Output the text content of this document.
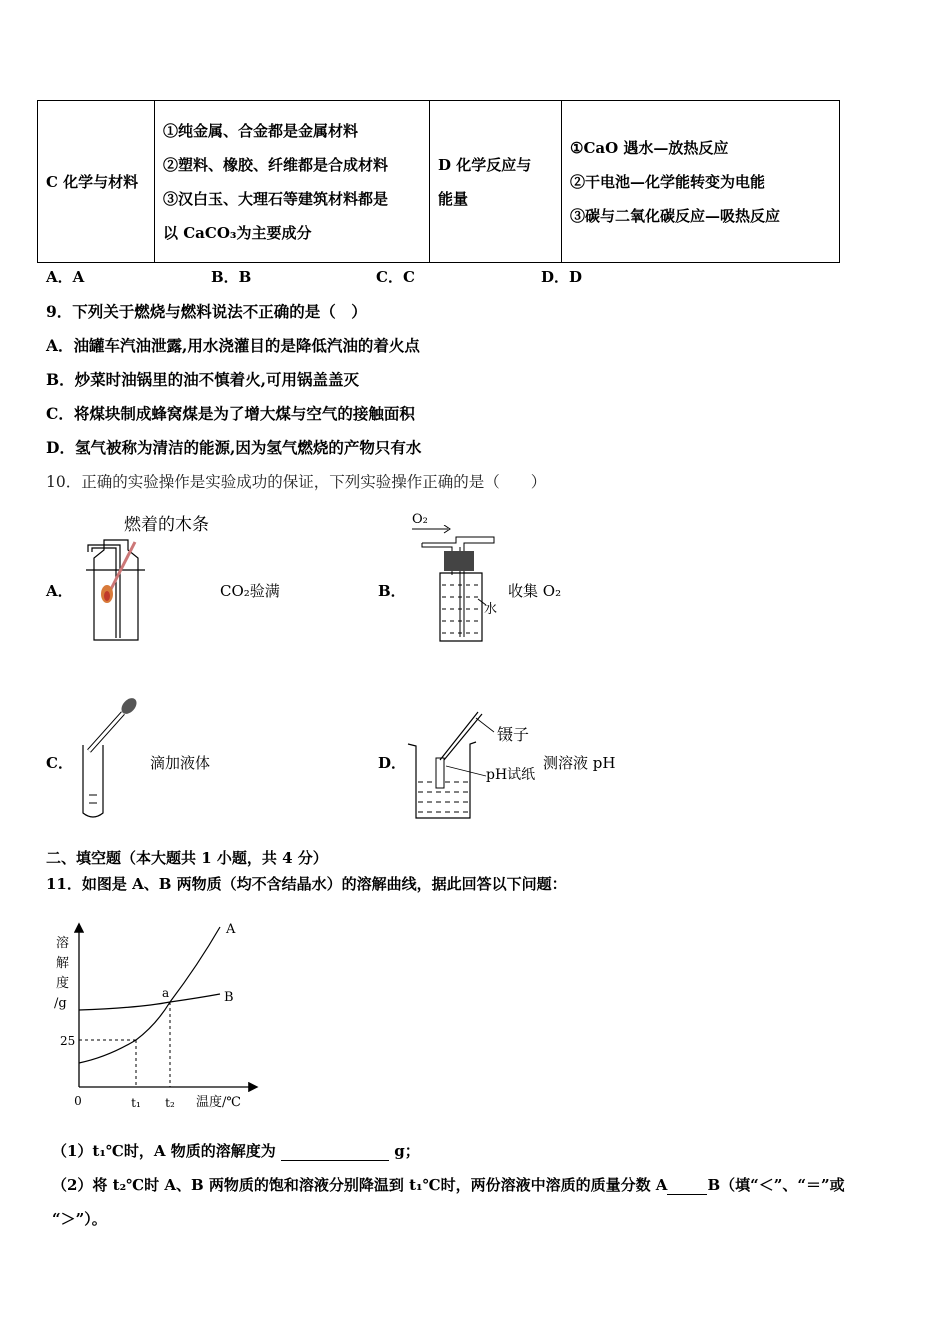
C 化学与材料	
①纯金属、合金都是金属材料
②塑料、橡胶、纤维都是合成材料
③汉白玉、大理石等建筑材料都是
以 CaCO₃为主要成分

D 化学反应与
能量

①CaO 遇水—放热反应
②干电池—化学能转变为电能
③碳与二氧化碳反应—吸热反应
A．A	B．B	C．C	D．D
9．下列关于燃烧与燃料说法不正确的是（　）
A．油罐车汽油泄露,用水浇灌目的是降低汽油的着火点
B．炒菜时油锅里的油不慎着火,可用锅盖盖灭
C．将煤块制成蜂窝煤是为了增大煤与空气的接触面积
D．氢气被称为清洁的能源,因为氢气燃烧的产物只有水
10．正确的实验操作是实验成功的保证，下列实验操作正确的是（　　）
A．
燃着的木条
CO₂验满	B．
O₂
水
收集 O₂
C．	滴加液体	D．
镊子
pH试纸
测溶液 pH
二、填空题（本大题共 1 小题，共 4 分）
11．如图是 A、B 两物质（均不含结晶水）的溶解曲线，据此回答以下问题：
溶
解
度
/g
0	温度/℃
25
t₁ t₂
A
B
a
（1）t₁℃时，A 物质的溶解度为	g；
（2）将 t₂℃时 A、B 两物质的饱和溶液分别降温到 t₁℃时，两份溶液中溶质的质量分数 A	B（填“＜”、“＝”或
“＞”）。
